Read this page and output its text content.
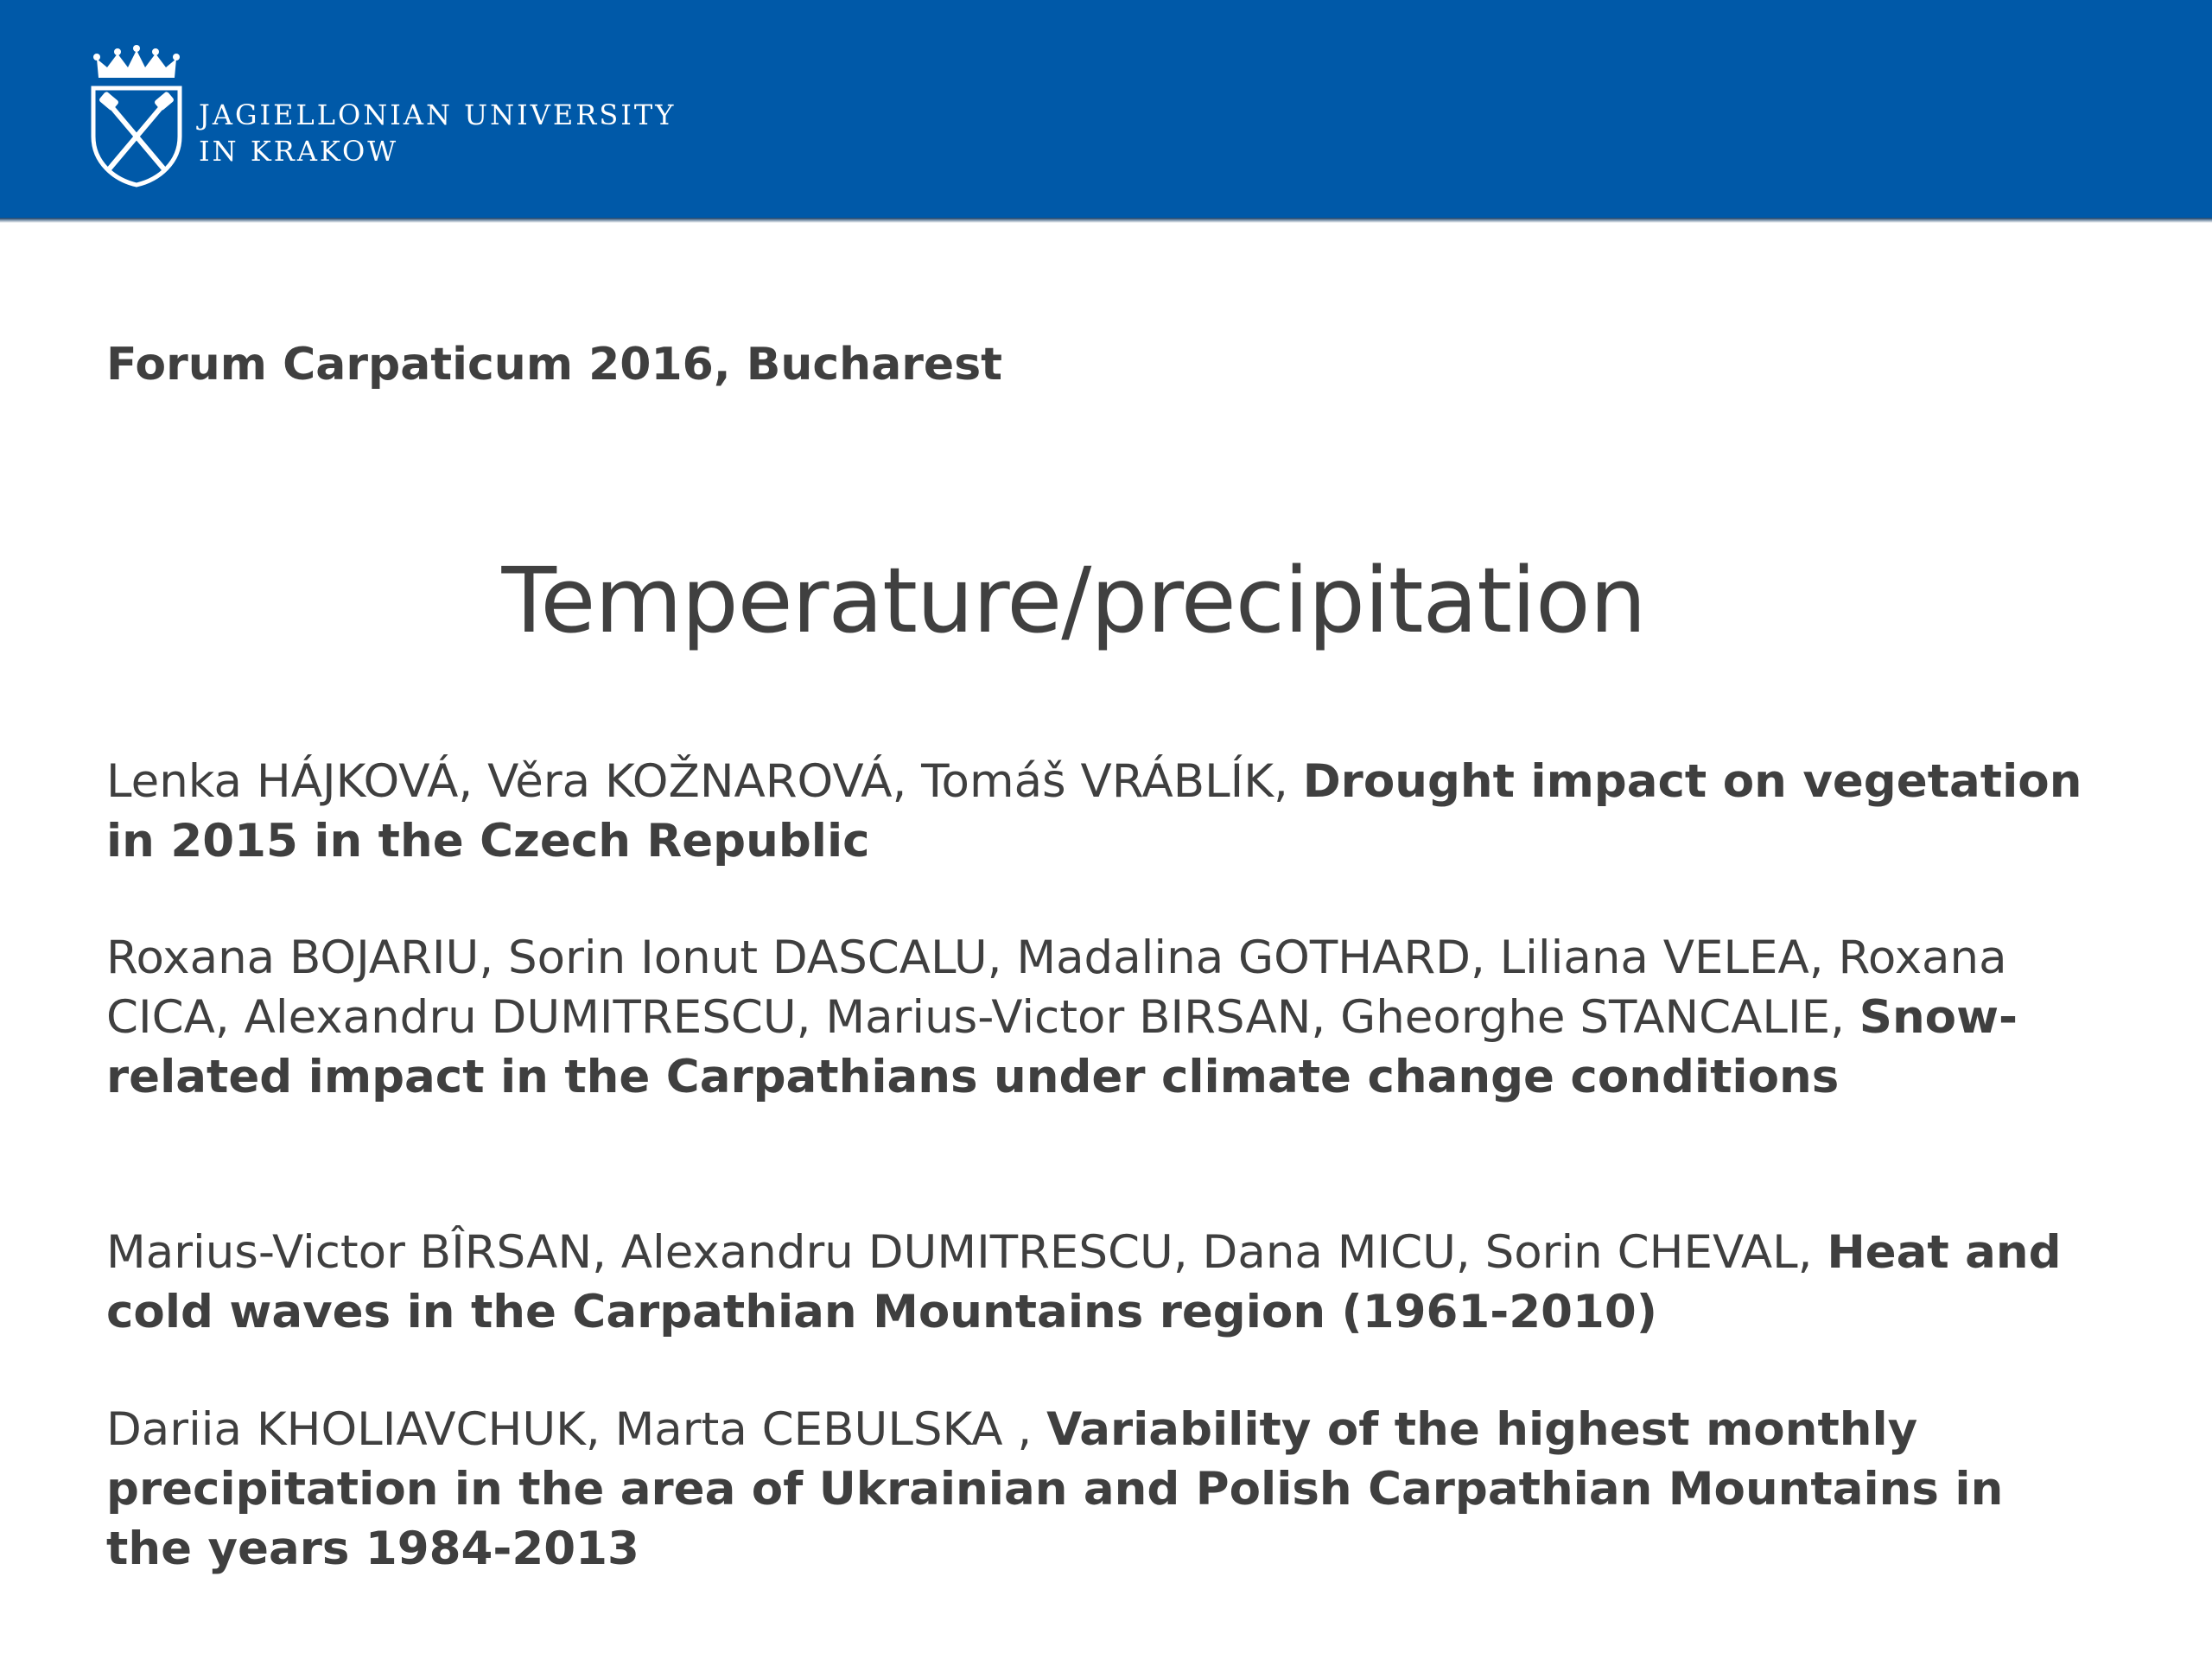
JAGIELLONIAN UNIVERSITY
IN KRAKOW
Forum Carpaticum 2016, Bucharest
Temperature/precipitation
Lenka HÁJKOVÁ, Věra KOŽNAROVÁ, Tomáš VRÁBLÍK, Drought impact on vegetation in 2015 in the Czech Republic
Roxana BOJARIU, Sorin Ionut DASCALU, Madalina GOTHARD, Liliana VELEA, Roxana CICA, Alexandru DUMITRESCU, Marius-Victor BIRSAN, Gheorghe STANCALIE, Snow-related impact in the Carpathians under climate change conditions
Marius-Victor BÎRSAN, Alexandru DUMITRESCU, Dana MICU, Sorin CHEVAL, Heat and cold waves in the Carpathian Mountains region (1961-2010)
Dariia KHOLIAVCHUK, Marta CEBULSKA , Variability of the highest monthly precipitation in the area of Ukrainian and Polish Carpathian Mountains in the years 1984-2013
